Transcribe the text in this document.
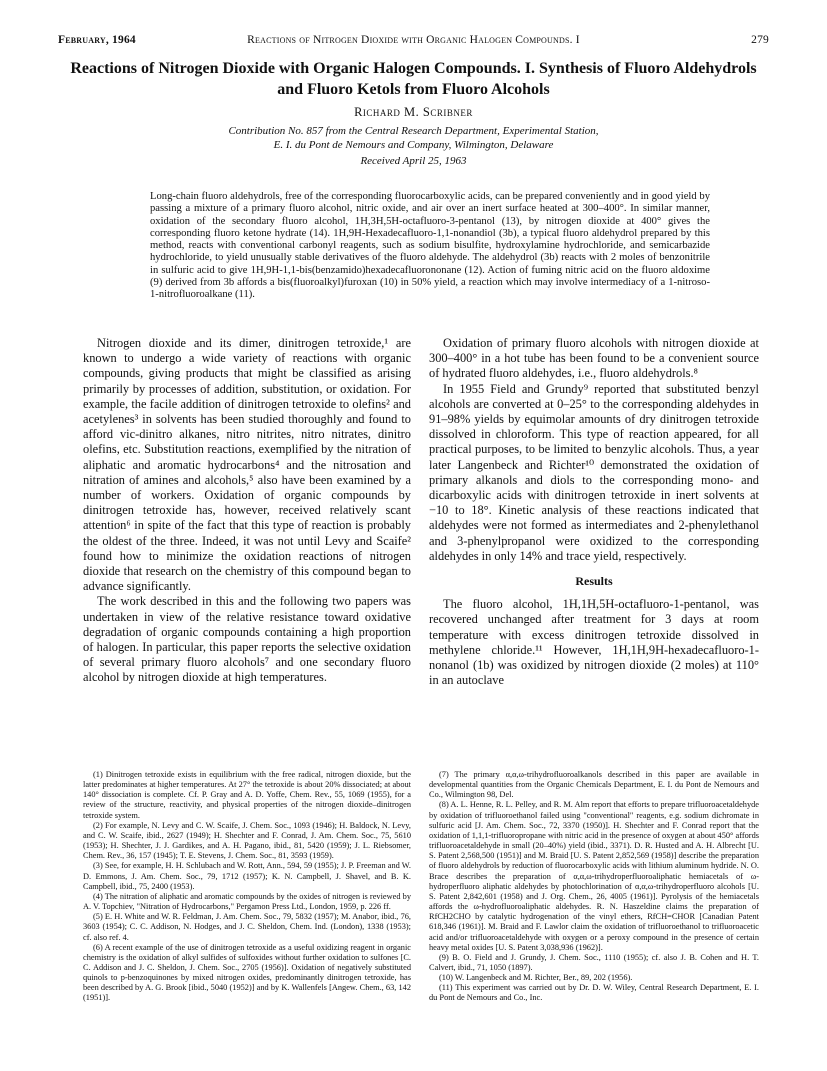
February, 1964	Reactions of Nitrogen Dioxide with Organic Halogen Compounds. I	279
Reactions of Nitrogen Dioxide with Organic Halogen Compounds. I. Synthesis of Fluoro Aldehydrols and Fluoro Ketols from Fluoro Alcohols
Richard M. Scribner
Contribution No. 857 from the Central Research Department, Experimental Station,
E. I. du Pont de Nemours and Company, Wilmington, Delaware
Received April 25, 1963
Long-chain fluoro aldehydrols, free of the corresponding fluorocarboxylic acids, can be prepared conveniently and in good yield by passing a mixture of a primary fluoro alcohol, nitric oxide, and air over an inert surface heated at 300–400°. In similar manner, oxidation of the secondary fluoro alcohol, 1H,3H,5H-octafluoro-3-pentanol (13), by nitrogen dioxide at 400° gives the corresponding fluoro ketone hydrate (14). 1H,9H-Hexadecafluoro-1,1-nonandiol (3b), a typical fluoro aldehydrol prepared by this method, reacts with conventional carbonyl reagents, such as sodium bisulfite, hydroxylamine hydrochloride, and semicarbazide hydrochloride, to yield unusually stable derivatives of the fluoro aldehyde. The aldehydrol (3b) reacts with 2 moles of benzonitrile in sulfuric acid to give 1H,9H-1,1-bis(benzamido)hexadecafluorononane (12). Action of fuming nitric acid on the fluoro aldoxime (9) derived from 3b affords a bis(fluoroalkyl)furoxan (10) in 50% yield, a reaction which may involve intermediacy of a 1-nitroso-1-nitrofluoroalkane (11).

Nitrogen dioxide and its dimer, dinitrogen tetroxide,¹ are known to undergo a wide variety of reactions with organic compounds, giving products that might be classified as arising primarily by processes of addition, substitution, or oxidation. For example, the facile addition of dinitrogen tetroxide to olefins² and acetylenes³ in solvents has been studied thoroughly and found to afford vic-dinitro alkanes, nitro nitrites, nitro nitrates, dinitro olefins, etc. Substitution reactions, exemplified by the nitration of aliphatic and aromatic hydrocarbons⁴ and the nitrosation and nitration of amines and alcohols,⁵ also have been examined by a number of workers. Oxidation of organic compounds by dinitrogen tetroxide has, however, received relatively scant attention⁶ in spite of the fact that this type of reaction is probably the oldest of the three. Indeed, it was not until Levy and Scaife² found how to minimize the oxidation reactions of nitrogen dioxide that research on the chemistry of this compound began to advance significantly.

The work described in this and the following two papers was undertaken in view of the relative resistance toward oxidative degradation of organic compounds containing a high proportion of halogen. In particular, this paper reports the selective oxidation of several primary fluoro alcohols⁷ and one secondary fluoro alcohol by nitrogen dioxide at high temperatures.

Oxidation of primary fluoro alcohols with nitrogen dioxide at 300–400° in a hot tube has been found to be a convenient source of hydrated fluoro aldehydes, i.e., fluoro aldehydrols.⁸

In 1955 Field and Grundy⁹ reported that substituted benzyl alcohols are converted at 0–25° to the corresponding aldehydes in 91–98% yields by equimolar amounts of dry dinitrogen tetroxide dissolved in chloroform. This type of reaction appeared, for all practical purposes, to be limited to benzylic alcohols. Thus, a year later Langenbeck and Richter¹⁰ demonstrated the oxidation of primary alkanols and diols to the corresponding mono- and dicarboxylic acids with dinitrogen tetroxide in inert solvents at −10 to 18°. Kinetic analysis of these reactions indicated that aldehydes were not formed as intermediates and 2-phenylethanol and 3-phenylpropanol were oxidized to the corresponding aldehydes in only 14% and trace yield, respectively.

Results

The fluoro alcohol, 1H,1H,5H-octafluoro-1-pentanol, was recovered unchanged after treatment for 3 days at room temperature with excess dinitrogen tetroxide dissolved in methylene chloride.¹¹ However, 1H,1H,9H-hexadecafluoro-1-nonanol (1b) was oxidized by nitrogen dioxide (2 moles) at 110° in an autoclave

(1) Dinitrogen tetroxide exists in equilibrium with the free radical, nitrogen dioxide, but the latter predominates at higher temperatures. At 27° the tetroxide is about 20% dissociated; at about 140° dissociation is complete. Cf. P. Gray and A. D. Yoffe, Chem. Rev., 55, 1069 (1955), for a review of the structure, reactivity, and physical properties of the nitrogen dioxide–dinitrogen tetroxide system.

(2) For example, N. Levy and C. W. Scaife, J. Chem. Soc., 1093 (1946); H. Baldock, N. Levy, and C. W. Scaife, ibid., 2627 (1949); H. Shechter and F. Conrad, J. Am. Chem. Soc., 75, 5610 (1953); H. Shechter, J. J. Gardikes, and A. H. Pagano, ibid., 81, 5420 (1959); J. L. Riebsomer, Chem. Rev., 36, 157 (1945); T. E. Stevens, J. Chem. Soc., 81, 3593 (1959).

(3) See, for example, H. H. Schlubach and W. Rott, Ann., 594, 59 (1955); J. P. Freeman and W. D. Emmons, J. Am. Chem. Soc., 79, 1712 (1957); K. N. Campbell, J. Shavel, and B. K. Campbell, ibid., 75, 2400 (1953).

(4) The nitration of aliphatic and aromatic compounds by the oxides of nitrogen is reviewed by A. V. Topchiev, "Nitration of Hydrocarbons," Pergamon Press Ltd., London, 1959, p. 226 ff.

(5) E. H. White and W. R. Feldman, J. Am. Chem. Soc., 79, 5832 (1957); M. Anabor, ibid., 76, 3603 (1954); C. C. Addison, N. Hodges, and J. C. Sheldon, Chem. Ind. (London), 1338 (1953); cf. also ref. 4.

(6) A recent example of the use of dinitrogen tetroxide as a useful oxidizing reagent in organic chemistry is the oxidation of alkyl sulfides of sulfoxides without further oxidation to sulfones [C. C. Addison and J. C. Sheldon, J. Chem. Soc., 2705 (1956)]. Oxidation of negatively substituted quinols to p-benzoquinones by mixed nitrogen oxides, predominantly dinitrogen tetroxide, has been described by A. G. Brook [ibid., 5040 (1952)] and by K. Wallenfels [Angew. Chem., 63, 142 (1951)].

(7) The primary α,α,ω-trihydrofluoroalkanols described in this paper are available in developmental quantities from the Organic Chemicals Department, E. I. du Pont de Nemours and Co., Wilmington 98, Del.

(8) A. L. Henne, R. L. Pelley, and R. M. Alm report that efforts to prepare trifluoroacetaldehyde by oxidation of trifluoroethanol failed using "conventional" reagents, e.g. sodium dichromate in sulfuric acid [J. Am. Chem. Soc., 72, 3370 (1950)]. H. Shechter and F. Conrad report that the oxidation of 1,1,1-trifluoropropane with nitric acid in the presence of oxygen at about 450° affords trifluoroacetaldehyde in small (20–40%) yield (ibid., 3371). D. R. Husted and A. H. Albrecht [U. S. Patent 2,568,500 (1951)] and M. Braid [U. S. Patent 2,852,569 (1958)] describe the preparation of fluoro aldehydrols by reduction of fluorocarboxylic acids with lithium aluminum hydride. N. O. Brace describes the preparation of α,α,ω-trihydroperfluoroaliphatic hemiacetals of ω-hydroperfluoro aliphatic aldehydes by photochlorination of α,α,ω-trihydroperfluoro alcohols [U. S. Patent 2,842,601 (1958) and J. Org. Chem., 26, 4005 (1961)]. Pyrolysis of the hemiacetals affords the ω-hydrofluoroaliphatic aldehydes. R. N. Haszeldine claims the preparation of RfCH2CHO by catalytic hydrogenation of the vinyl ethers, RfCH=CHOR [Canadian Patent 618,346 (1961)]. M. Braid and F. Lawlor claim the oxidation of trifluoroethanol to trifluoroacetic acid and/or trifluoroacetaldehyde with oxygen or a peroxy compound in the presence of certain heavy metal oxides [U. S. Patent 3,038,936 (1962)].

(9) B. O. Field and J. Grundy, J. Chem. Soc., 1110 (1955); cf. also J. B. Cohen and H. T. Calvert, ibid., 71, 1050 (1897).

(10) W. Langenbeck and M. Richter, Ber., 89, 202 (1956).

(11) This experiment was carried out by Dr. D. W. Wiley, Central Research Department, E. I. du Pont de Nemours and Co., Inc.
